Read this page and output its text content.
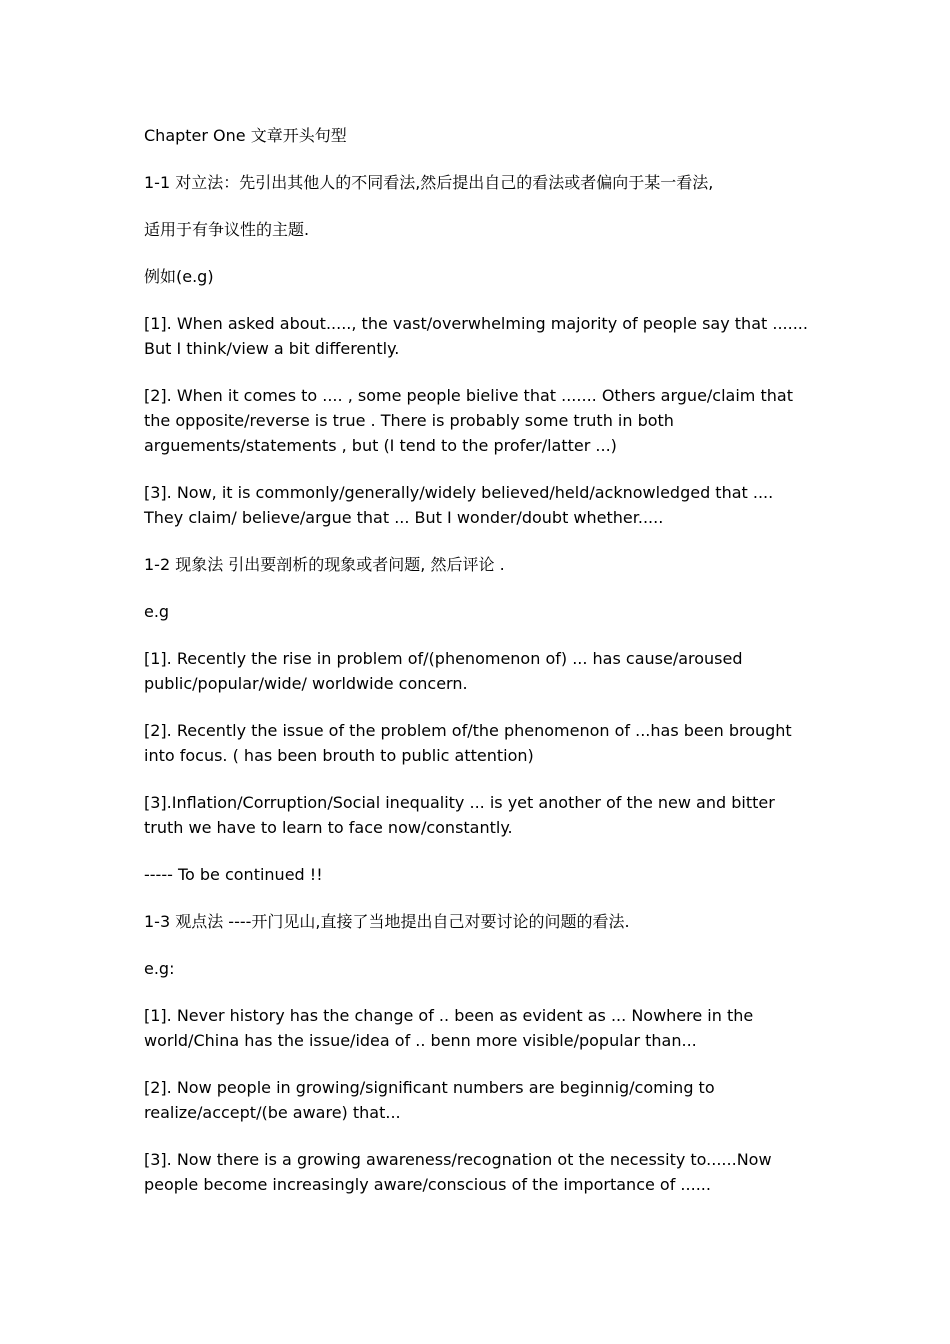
Chapter One 文章开头句型

1-1 对立法：先引出其他人的不同看法,然后提出自己的看法或者偏向于某一看法,

适用于有争议性的主题.

例如(e.g)

[1]. When asked about....., the vast/overwhelming majority of people say that ....... But I think/view a bit differently.

[2]. When it comes to .... , some people bielive that ....... Others argue/claim that the opposite/reverse is true . There is probably some truth in both arguements/statements , but (I tend to the profer/latter ...)

[3]. Now, it is commonly/generally/widely believed/held/acknowledged that .... They claim/ believe/argue that ... But I wonder/doubt whether.....

1-2 现象法 引出要剖析的现象或者问题, 然后评论 .

e.g

[1]. Recently the rise in problem of/(phenomenon of) ... has cause/aroused public/popular/wide/ worldwide concern.

[2]. Recently the issue of the problem of/the phenomenon of ...has been brought into focus. ( has been brouth to public attention)

[3].Inflation/Corruption/Social inequality ... is yet another of the new and bitter truth we have to learn to face now/constantly.

----- To be continued !!

1-3 观点法 ----开门见山,直接了当地提出自己对要讨论的问题的看法.

e.g:

[1]. Never history has the change of .. been as evident as ... Nowhere in the world/China has the issue/idea of .. benn more visible/popular than...

[2]. Now people in growing/significant numbers are beginnig/coming to realize/accept/(be aware) that...

[3]. Now there is a growing awareness/recognation ot the necessity to......Now people become increasingly aware/conscious of the importance of ......
